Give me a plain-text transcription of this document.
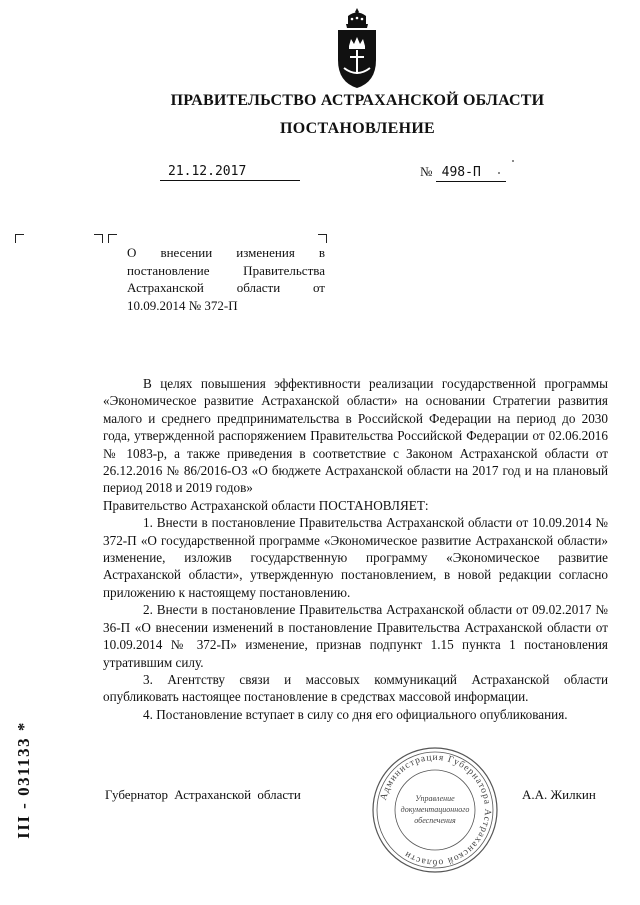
ПРАВИТЕЛЬСТВО АСТРАХАНСКОЙ ОБЛАСТИ
ПОСТАНОВЛЕНИЕ
21.12.2017	№ 498-П
О внесении изменения в постановление Правительства Астраханской области от 10.09.2014 № 372-П

В целях повышения эффективности реализации государственной программы «Экономическое развитие Астраханской области» на основании Стратегии развития малого и среднего предпринимательства в Российской Федерации на период до 2030 года, утвержденной распоряжением Правительства Российской Федерации от 02.06.2016 № 1083-р, а также приведения в соответствие с Законом Астраханской области от 26.12.2016 № 86/2016-ОЗ «О бюджете Астраханской области на 2017 год и на плановый период 2018 и 2019 годов»

Правительство Астраханской области ПОСТАНОВЛЯЕТ:

1. Внести в постановление Правительства Астраханской области от 10.09.2014 № 372-П «О государственной программе «Экономическое развитие Астраханской области» изменение, изложив государственную программу «Экономическое развитие Астраханской области», утвержденную постановлением, в новой редакции согласно приложению к настоящему постановлению.

2. Внести в постановление Правительства Астраханской области от 09.02.2017 № 36-П «О внесении изменений в постановление Правительства Астраханской области от 10.09.2014 № 372-П» изменение, признав подпункт 1.15 пункта 1 постановления утратившим силу.

3. Агентству связи и массовых коммуникаций Астраханской области опубликовать настоящее постановление в средствах массовой информации.

4. Постановление вступает в силу со дня его официального опубликования.

Губернатор Астраханской области	А.А. Жилкин
Администрация Губернатора Астраханской области
Управление
документационного
обеспечения
III - 031133 *
